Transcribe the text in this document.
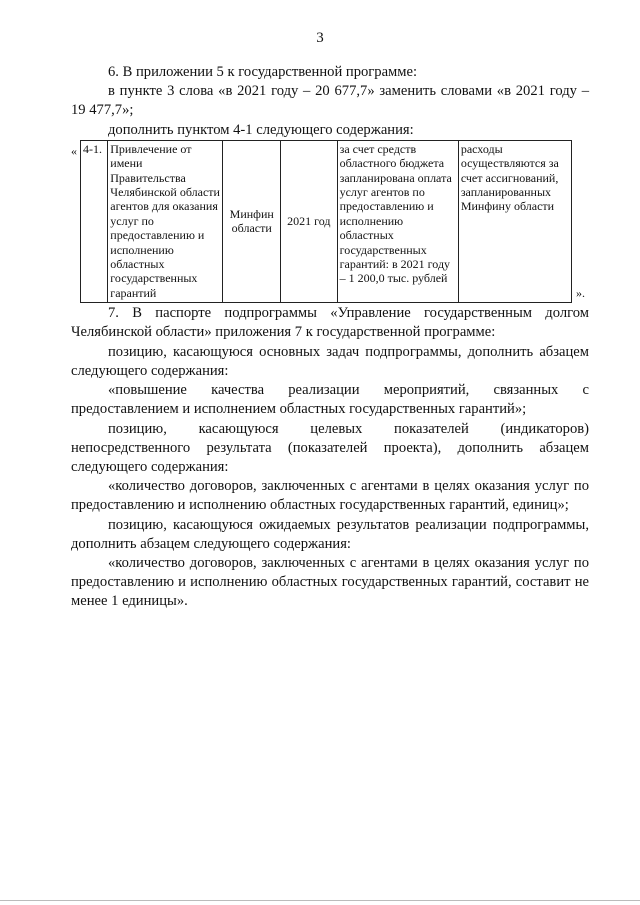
3

6. В приложении 5 к государственной программе:

в пункте 3 слова «в 2021 году – 20 677,7» заменить словами «в 2021 году – 19 477,7»;

дополнить пунктом 4-1 следующего содержания:

« 4-1.	Привлечение от имени Правительства Челябинской области агентов для оказания услуг по предоставлению и исполнению областных государственных гарантий	Минфин области	2021 год	за счет средств областного бюджета запланирована оплата услуг агентов по предоставлению и исполнению областных государственных гарантий: в 2021 году – 1 200,0 тыс. рублей	расходы осуществляются за счет ассигнований, запланированных Минфину области
».

7. В паспорте подпрограммы «Управление государственным долгом Челябинской области» приложения 7 к государственной программе:

позицию, касающуюся основных задач подпрограммы, дополнить абзацем следующего содержания:

«повышение качества реализации мероприятий, связанных с предоставлением и исполнением областных государственных гарантий»;

позицию, касающуюся целевых показателей (индикаторов) непосредственного результата (показателей проекта), дополнить абзацем следующего содержания:

«количество договоров, заключенных с агентами в целях оказания услуг по предоставлению и исполнению областных государственных гарантий, единиц»;

позицию, касающуюся ожидаемых результатов реализации подпрограммы, дополнить абзацем следующего содержания:

«количество договоров, заключенных с агентами в целях оказания услуг по предоставлению и исполнению областных государственных гарантий, составит не менее 1 единицы».
